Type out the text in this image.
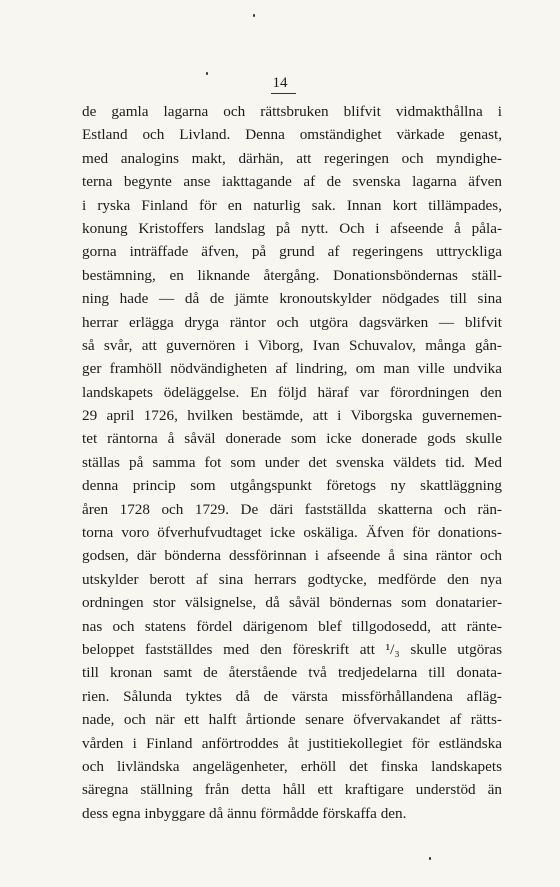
14
de gamla lagarna och rättsbruken blifvit vidmakthållna i
Estland och Livland. Denna omständighet värkade genast,
med analogins makt, därhän, att regeringen och myndighe-
terna begynte anse iakttagande af de svenska lagarna äfven
i ryska Finland för en naturlig sak. Innan kort tillämpades,
konung Kristoffers landslag på nytt. Och i afseende å påla-
gorna inträffade äfven, på grund af regeringens uttryckliga
bestämning, en liknande återgång. Donationsböndernas ställ-
ning hade — då de jämte kronoutskylder nödgades till sina
herrar erlägga dryga räntor och utgöra dagsvärken — blifvit
så svår, att guvernören i Viborg, Ivan Schuvalov, många gån-
ger framhöll nödvändigheten af lindring, om man ville undvika
landskapets ödeläggelse. En följd häraf var förordningen den
29 april 1726, hvilken bestämde, att i Viborgska guvernemen-
tet räntorna å såväl donerade som icke donerade gods skulle
ställas på samma fot som under det svenska väldets tid. Med
denna princip som utgångspunkt företogs ny skattläggning
åren 1728 och 1729. De däri fastställda skatterna och rän-
torna voro öfverhufvudtaget icke oskäliga. Äfven för donations-
godsen, där bönderna dessförinnan i afseende å sina räntor och
utskylder berott af sina herrars godtycke, medförde den nya
ordningen stor välsignelse, då såväl böndernas som donatarier-
nas och statens fördel därigenom blef tillgodosedd, att ränte-
beloppet fastställdes med den föreskrift att ¹/₃ skulle utgöras
till kronan samt de återstående två tredjedelarna till donata-
rien. Sålunda tyktes då de värsta missförhållandena afläg-
nade, och när ett halft årtionde senare öfvervakandet af rätts-
vården i Finland anförtroddes åt justitiekollegiet för estländska
och livländska angelägenheter, erhöll det finska landskapets
säregna ställning från detta håll ett kraftigare understöd än
dess egna inbyggare då ännu förmådde förskaffa den.
